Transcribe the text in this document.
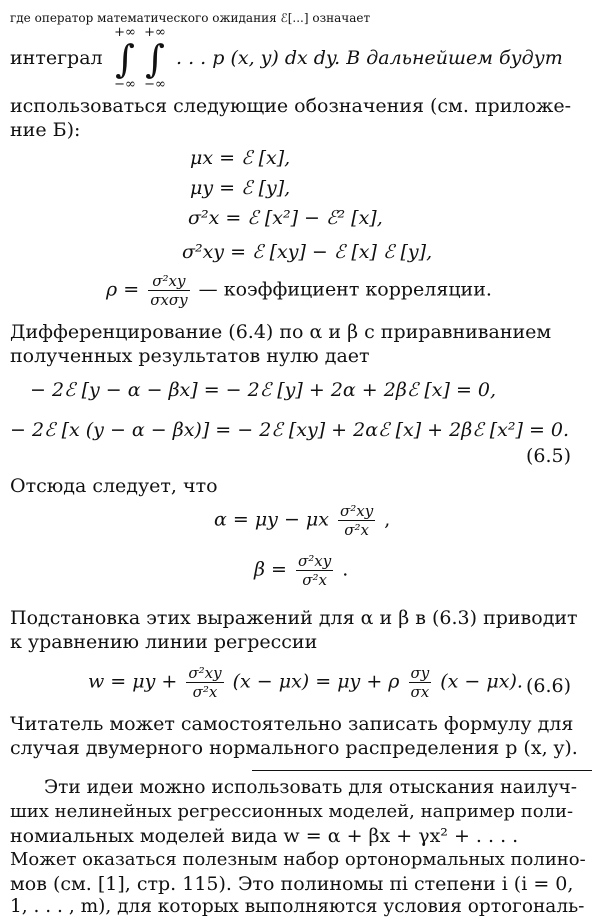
где оператор математического ожидания ℰ[...] означает
интеграл
+∞
∫
−∞
+∞
∫
−∞
. . . p (x, y) dx dy. В дальнейшем будут
использоваться следующие обозначения (см. приложе-
ние Б):
μx = ℰ [x],
μy = ℰ [y],
σ²x = ℰ [x²] − ℰ² [x],
σ²xy = ℰ [xy] − ℰ [x] ℰ [y],
$\rho = \frac{\text{σ²xy}}{\text{σxσy}}$ — коэффициент корреляции.
Дифференцирование (6.4) по α и β с приравниванием
полученных результатов нулю дает
− 2ℰ [y − α − βx] = − 2ℰ [y] + 2α + 2βℰ [x] = 0,
− 2ℰ [x (y − α − βx)] = − 2ℰ [xy] + 2αℰ [x] + 2βℰ [x²] = 0.
(6.5)
Отсюда следует, что
α = μy − μx $\frac{\text{σ²xy}}{\text{σ²x}}$ ,
$\beta = \frac{\text{σ²xy}}{\text{σ²x}}$ .
Подстановка этих выражений для α и β в (6.3) приводит
к уравнению линии регрессии
$w = \mu y + \frac{\text{σ²xy}}{\text{σ²x}} (x - \mu x) = \mu y + \rho \frac{\sigma y}{\sigma x} (x - \mu x)$. (6.6)
Читатель может самостоятельно записать формулу для
случая двумерного нормального распределения p (x, y).
Эти идеи можно использовать для отыскания наилуч-
ших нелинейных регрессионных моделей, например поли-
номиальных моделей вида w = α + βx + γx² + . . . .
Может оказаться полезным набор ортонормальных полино-
мов (см. [1], стр. 115). Это полиномы πi степени i (i = 0,
1, . . . , m), для которых выполняются условия ортогональ-
